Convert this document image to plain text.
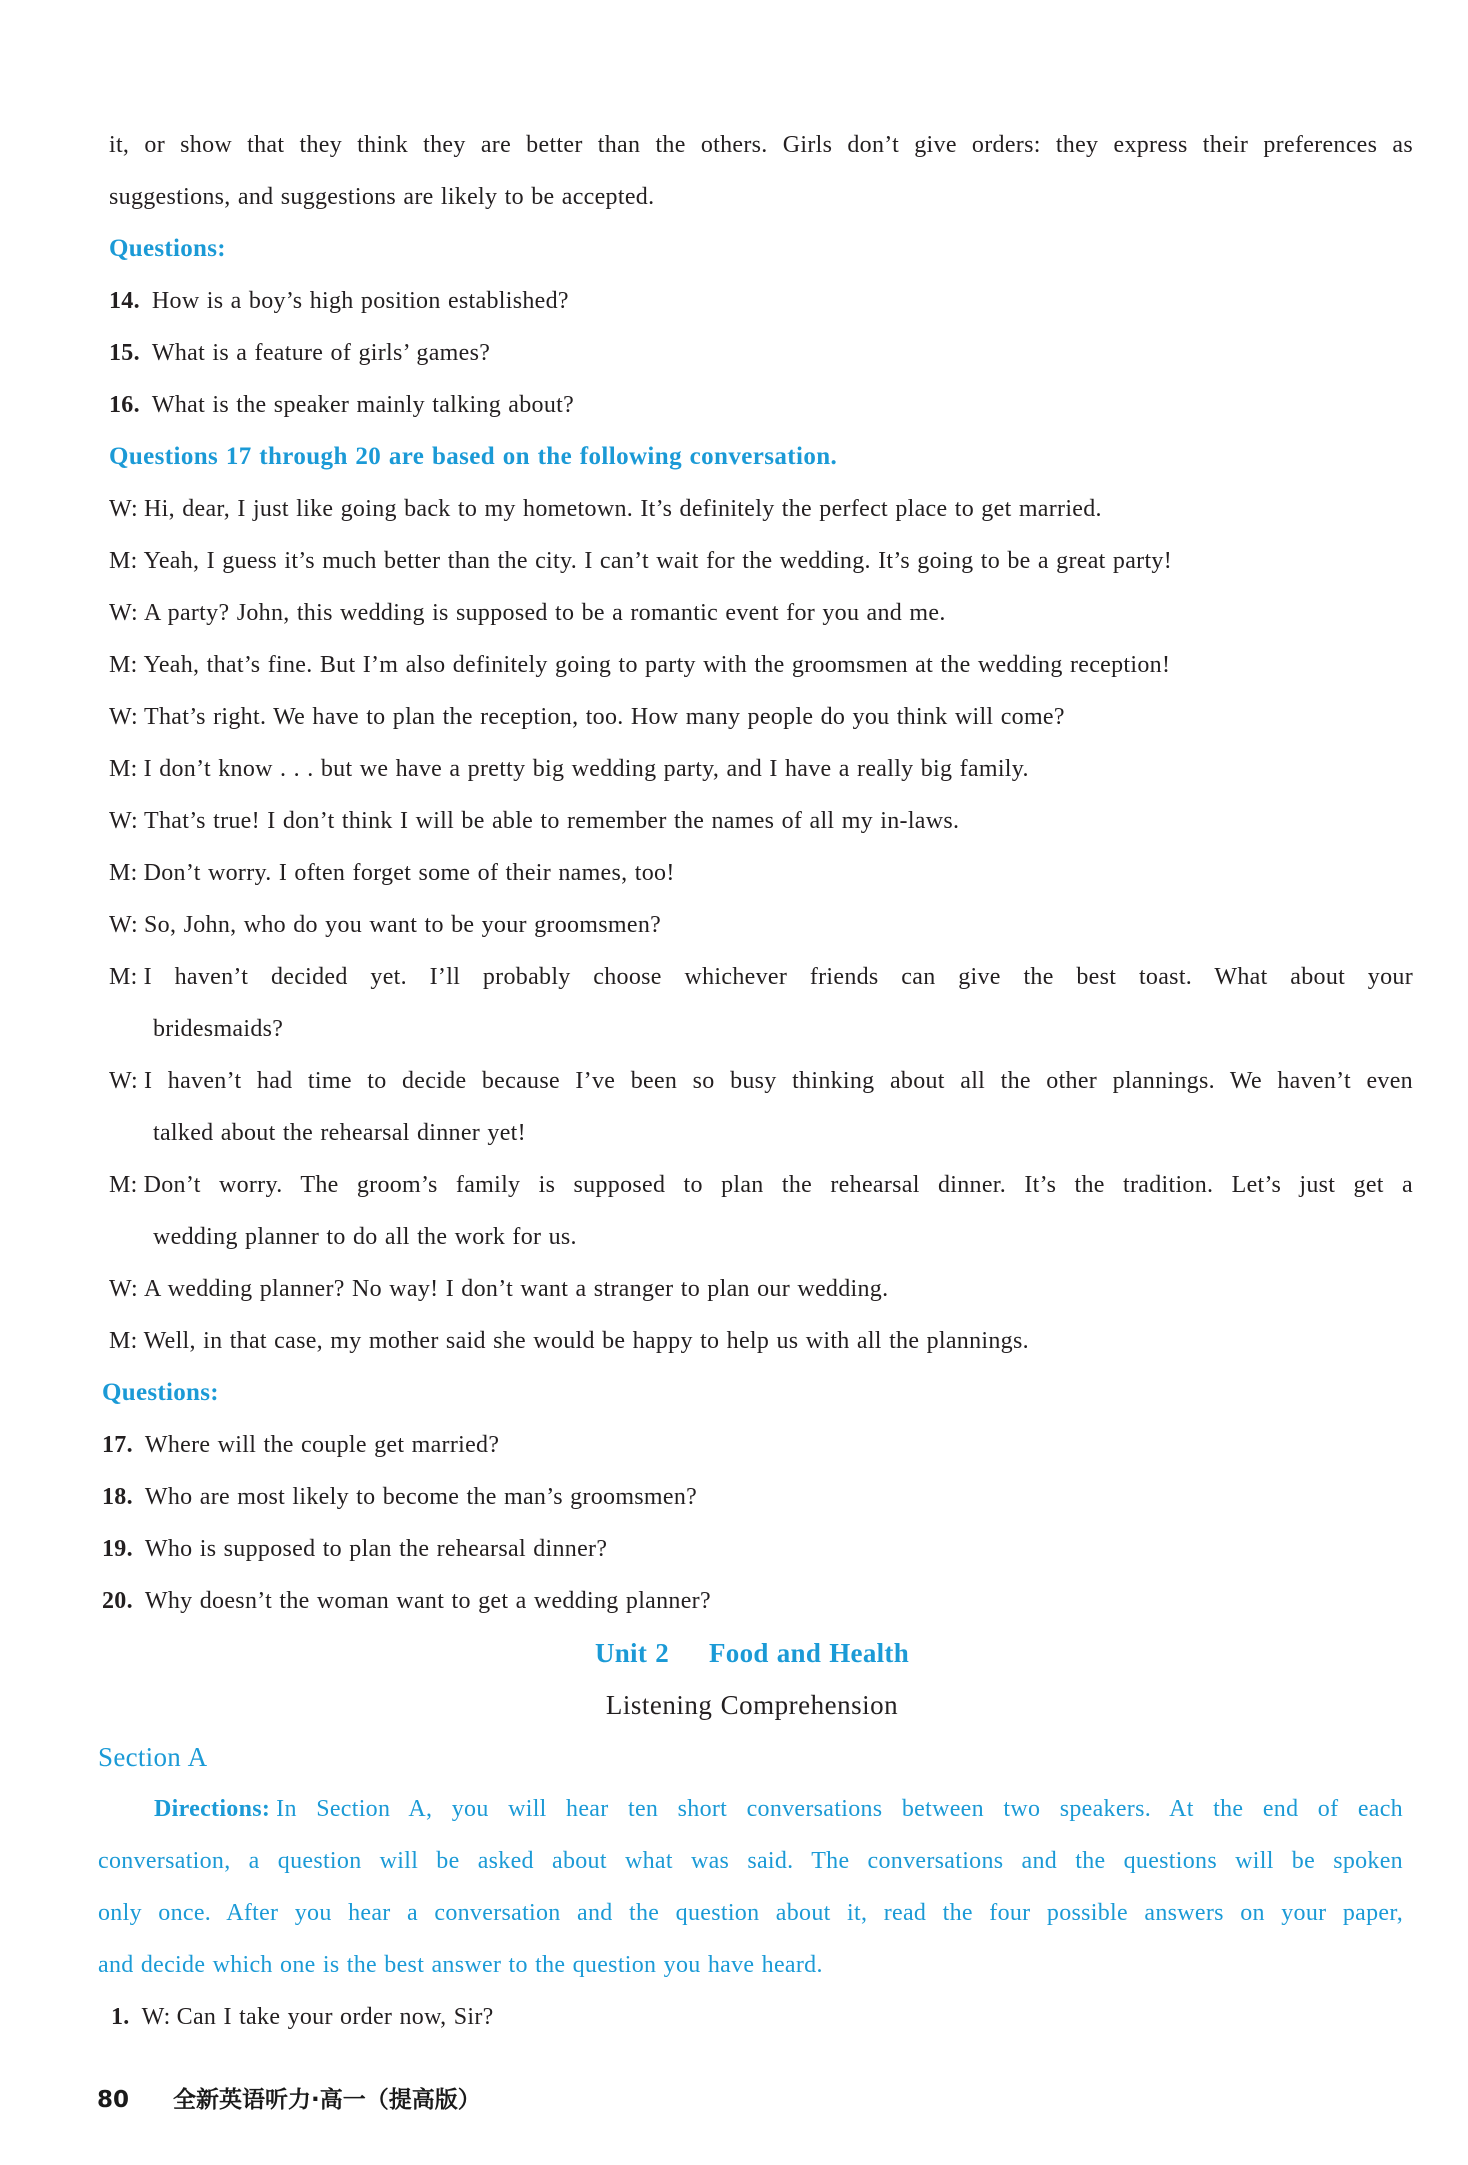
it, or show that they think they are better than the others. Girls don’t give orders: they express their preferences as
suggestions, and suggestions are likely to be accepted.
Questions:
14. How is a boy’s high position established?
15. What is a feature of girls’ games?
16. What is the speaker mainly talking about?
Questions 17 through 20 are based on the following conversation.
W: Hi, dear, I just like going back to my hometown. It’s definitely the perfect place to get married.
M: Yeah, I guess it’s much better than the city. I can’t wait for the wedding. It’s going to be a great party!
W: A party? John, this wedding is supposed to be a romantic event for you and me.
M: Yeah, that’s fine. But I’m also definitely going to party with the groomsmen at the wedding reception!
W: That’s right. We have to plan the reception, too. How many people do you think will come?
M: I don’t know . . . but we have a pretty big wedding party, and I have a really big family.
W: That’s true! I don’t think I will be able to remember the names of all my in-laws.
M: Don’t worry. I often forget some of their names, too!
W: So, John, who do you want to be your groomsmen?
M: I haven’t decided yet. I’ll probably choose whichever friends can give the best toast. What about your
bridesmaids?
W: I haven’t had time to decide because I’ve been so busy thinking about all the other plannings. We haven’t even
talked about the rehearsal dinner yet!
M: Don’t worry. The groom’s family is supposed to plan the rehearsal dinner. It’s the tradition. Let’s just get a
wedding planner to do all the work for us.
W: A wedding planner? No way! I don’t want a stranger to plan our wedding.
M: Well, in that case, my mother said she would be happy to help us with all the plannings.
Questions:
17. Where will the couple get married?
18. Who are most likely to become the man’s groomsmen?
19. Who is supposed to plan the rehearsal dinner?
20. Why doesn’t the woman want to get a wedding planner?
Unit 2 Food and Health
Listening Comprehension
Section A
Directions: In Section A, you will hear ten short conversations between two speakers. At the end of each
conversation, a question will be asked about what was said. The conversations and the questions will be spoken
only once. After you hear a conversation and the question about it, read the four possible answers on your paper,
and decide which one is the best answer to the question you have heard.
1. W: Can I take your order now, Sir?
80 全新英语听力·高一（提高版）
